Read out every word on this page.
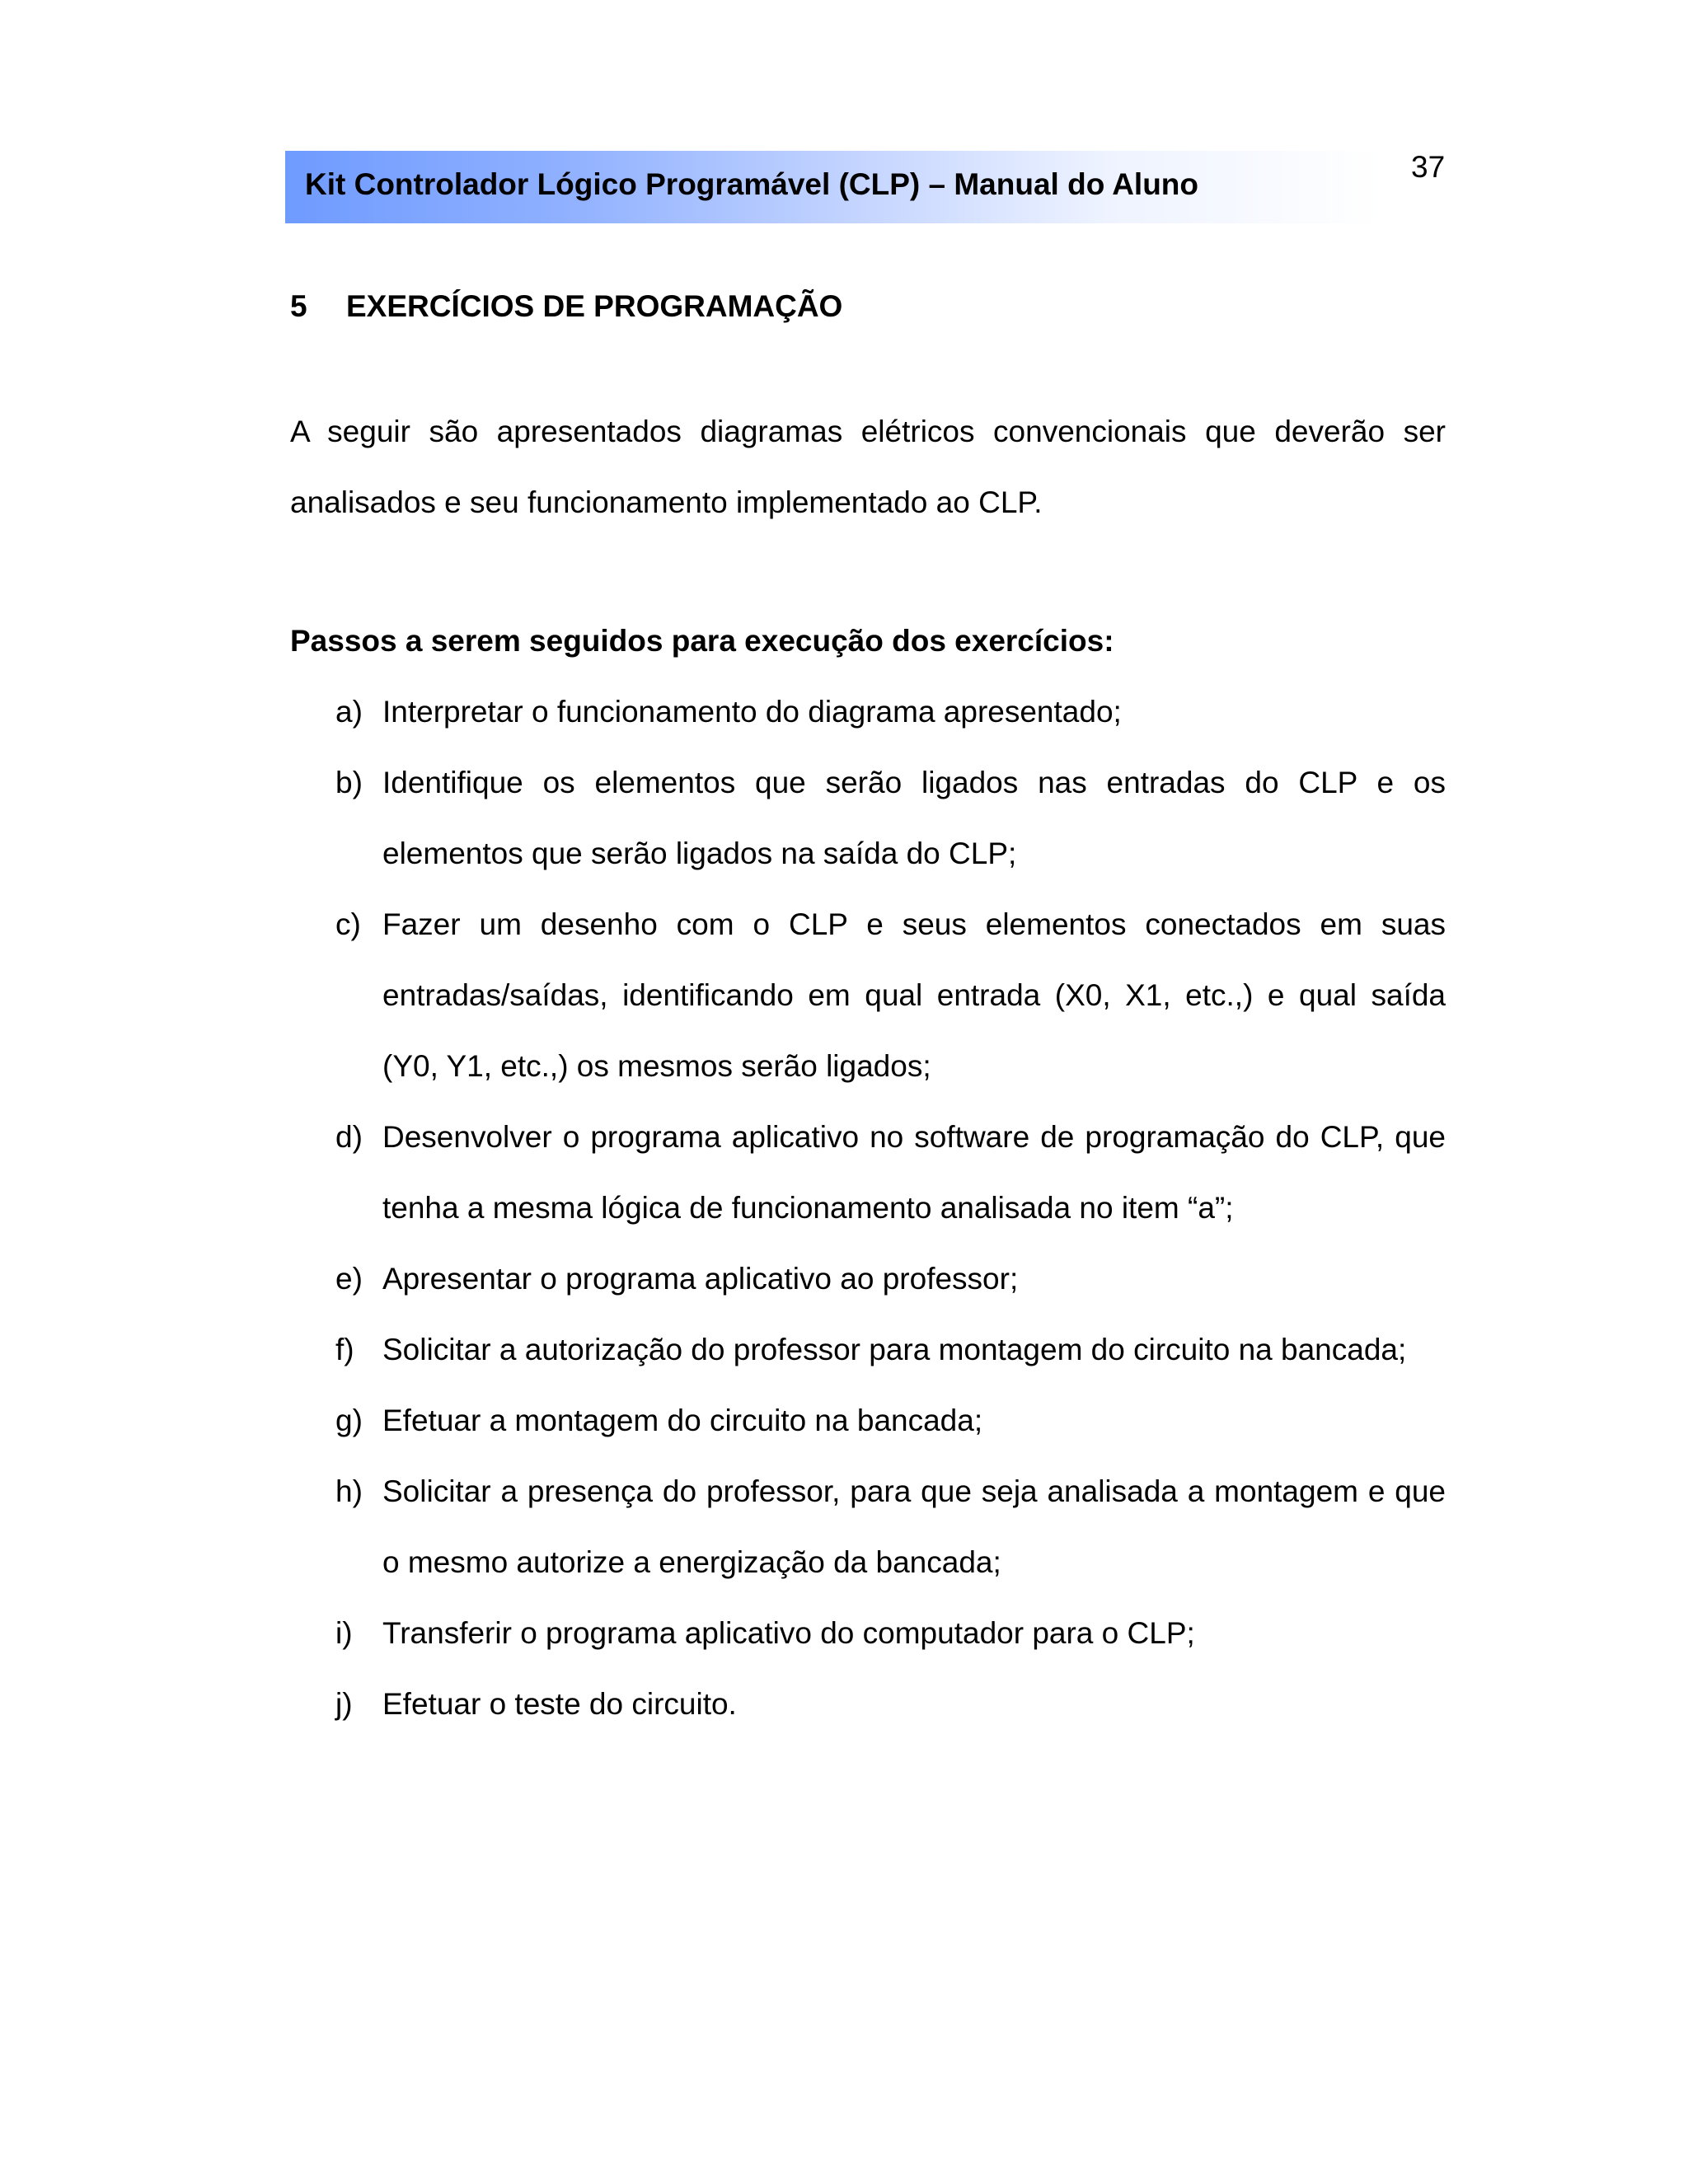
Kit Controlador Lógico Programável (CLP) – Manual do Aluno
37
5 EXERCÍCIOS DE PROGRAMAÇÃO

A seguir são apresentados diagramas elétricos convencionais que deverão ser analisados e seu funcionamento implementado ao CLP.

Passos a serem seguidos para execução dos exercícios:
a) Interpretar o funcionamento do diagrama apresentado;
b) Identifique os elementos que serão ligados nas entradas do CLP e os elementos que serão ligados na saída do CLP;
c) Fazer um desenho com o CLP e seus elementos conectados em suas entradas/saídas, identificando em qual entrada (X0, X1, etc.,) e qual saída (Y0, Y1, etc.,) os mesmos serão ligados;
d) Desenvolver o programa aplicativo no software de programação do CLP, que tenha a mesma lógica de funcionamento analisada no item “a”;
e) Apresentar o programa aplicativo ao professor;
f) Solicitar a autorização do professor para montagem do circuito na bancada;
g) Efetuar a montagem do circuito na bancada;
h) Solicitar a presença do professor, para que seja analisada a montagem e que o mesmo autorize a energização da bancada;
i) Transferir o programa aplicativo do computador para o CLP;
j) Efetuar o teste do circuito.
